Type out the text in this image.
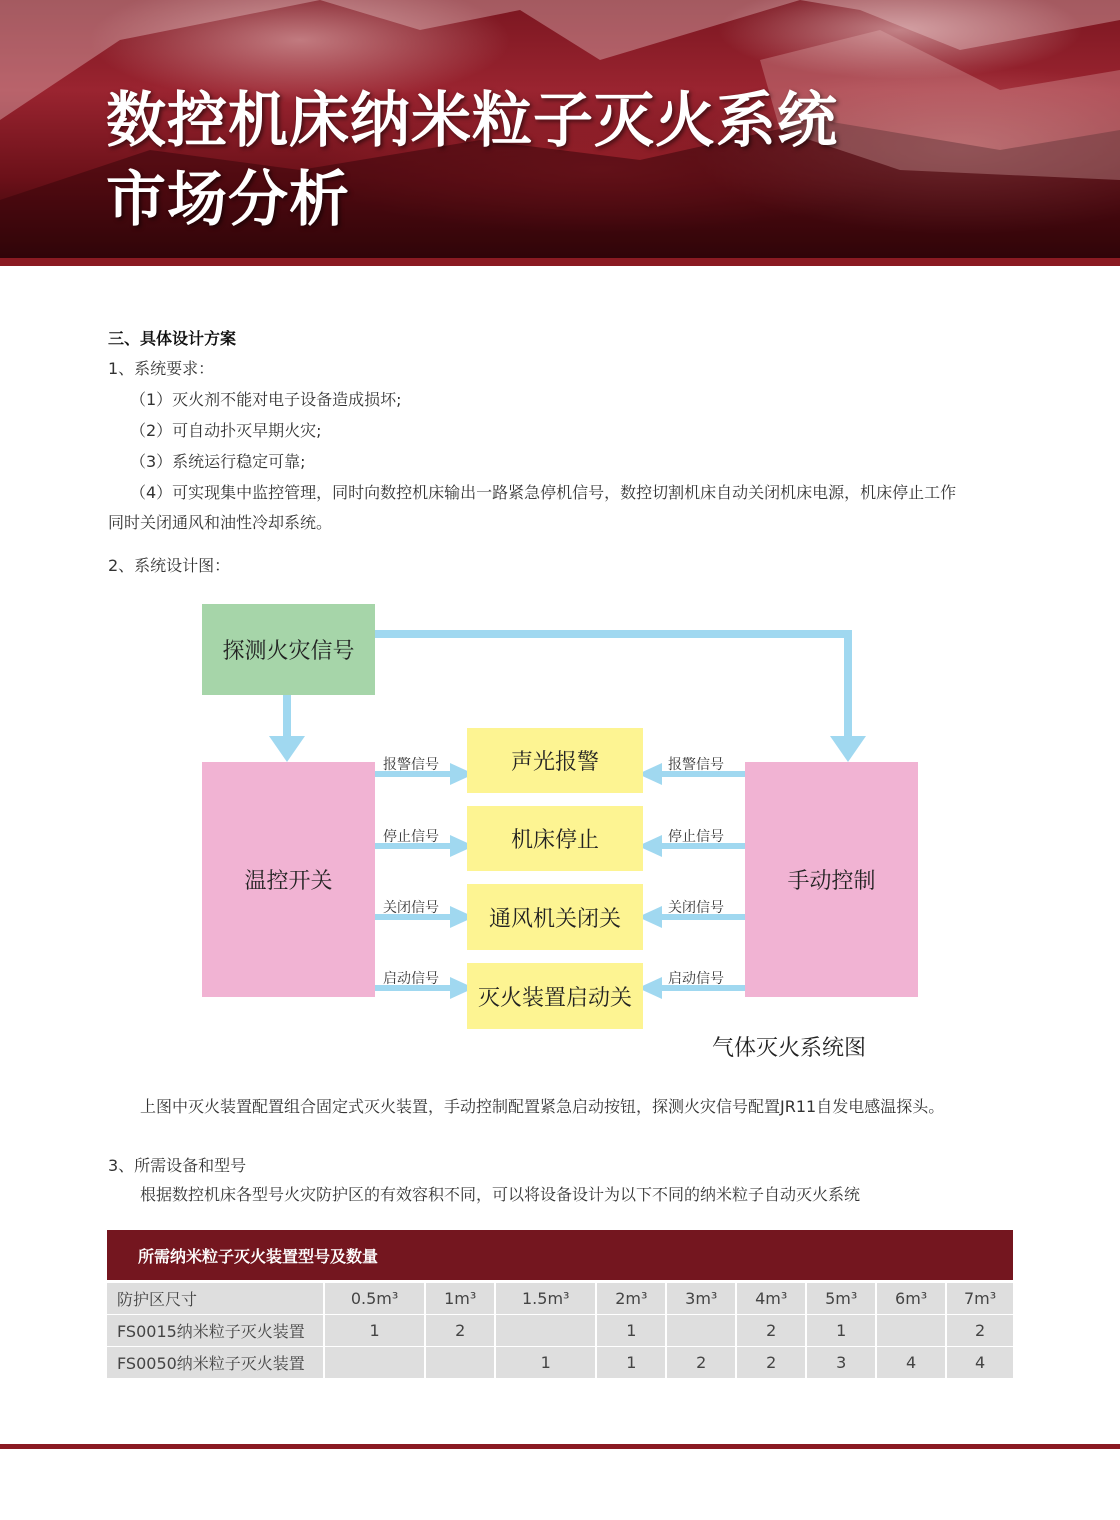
数控机床纳米粒子灭火系统
市场分析
三、具体设计方案
1、系统要求：
（1）灭火剂不能对电子设备造成损坏;
（2）可自动扑灭早期火灾;
（3）系统运行稳定可靠;
（4）可实现集中监控管理，同时向数控机床输出一路紧急停机信号，数控切割机床自动关闭机床电源，机床停止工作
同时关闭通风和油性冷却系统。
2、系统设计图：
探测火灾信号
温控开关	手动控制
声光报警
机床停止
通风机关闭关
灭火装置启动关
报警信号
停止信号
关闭信号
启动信号
报警信号
停止信号
关闭信号
启动信号
气体灭火系统图
上图中灭火装置配置组合固定式灭火装置，手动控制配置紧急启动按钮，探测火灾信号配置JR11自发电感温探头。
3、所需设备和型号
根据数控机床各型号火灾防护区的有效容积不同，可以将设备设计为以下不同的纳米粒子自动灭火系统
所需纳米粒子灭火装置型号及数量
防护区尺寸	0.5m³	1m³	1.5m³	2m³	3m³	4m³	5m³	6m³	7m³
FS0015纳米粒子灭火装置	1	2		1		2	1		2
FS0050纳米粒子灭火装置			1	1	2	2	3	4	4
